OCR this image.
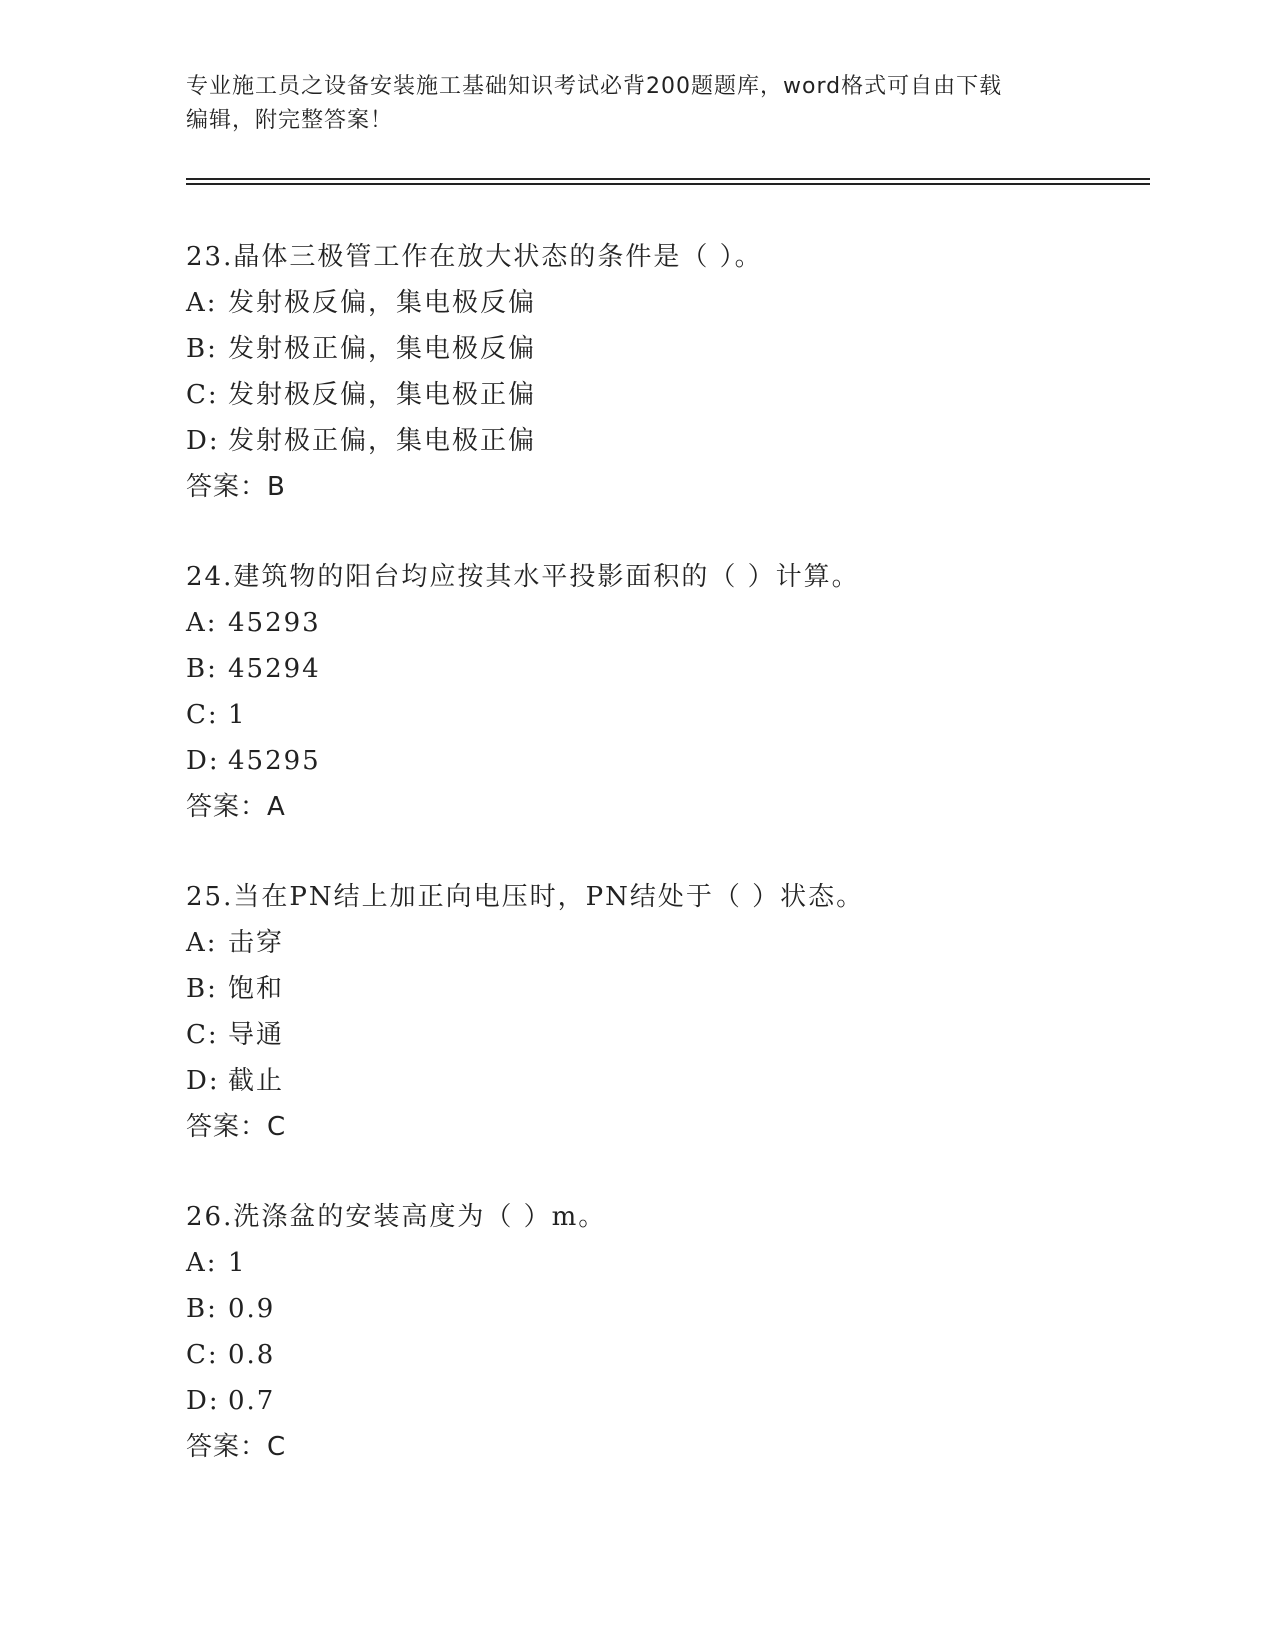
专业施工员之设备安装施工基础知识考试必背200题题库，word格式可自由下载
编辑，附完整答案！
23.晶体三极管工作在放大状态的条件是（ ）。
A: 发射极反偏，集电极反偏
B: 发射极正偏，集电极反偏
C: 发射极反偏，集电极正偏
D: 发射极正偏，集电极正偏
答案：B
24.建筑物的阳台均应按其水平投影面积的（ ）计算。
A: 45293
B: 45294
C: 1
D: 45295
答案：A
25.当在PN结上加正向电压时，PN结处于（ ）状态。
A: 击穿
B: 饱和
C: 导通
D: 截止
答案：C
26.洗涤盆的安装高度为（ ）m。
A: 1
B: 0.9
C: 0.8
D: 0.7
答案：C
